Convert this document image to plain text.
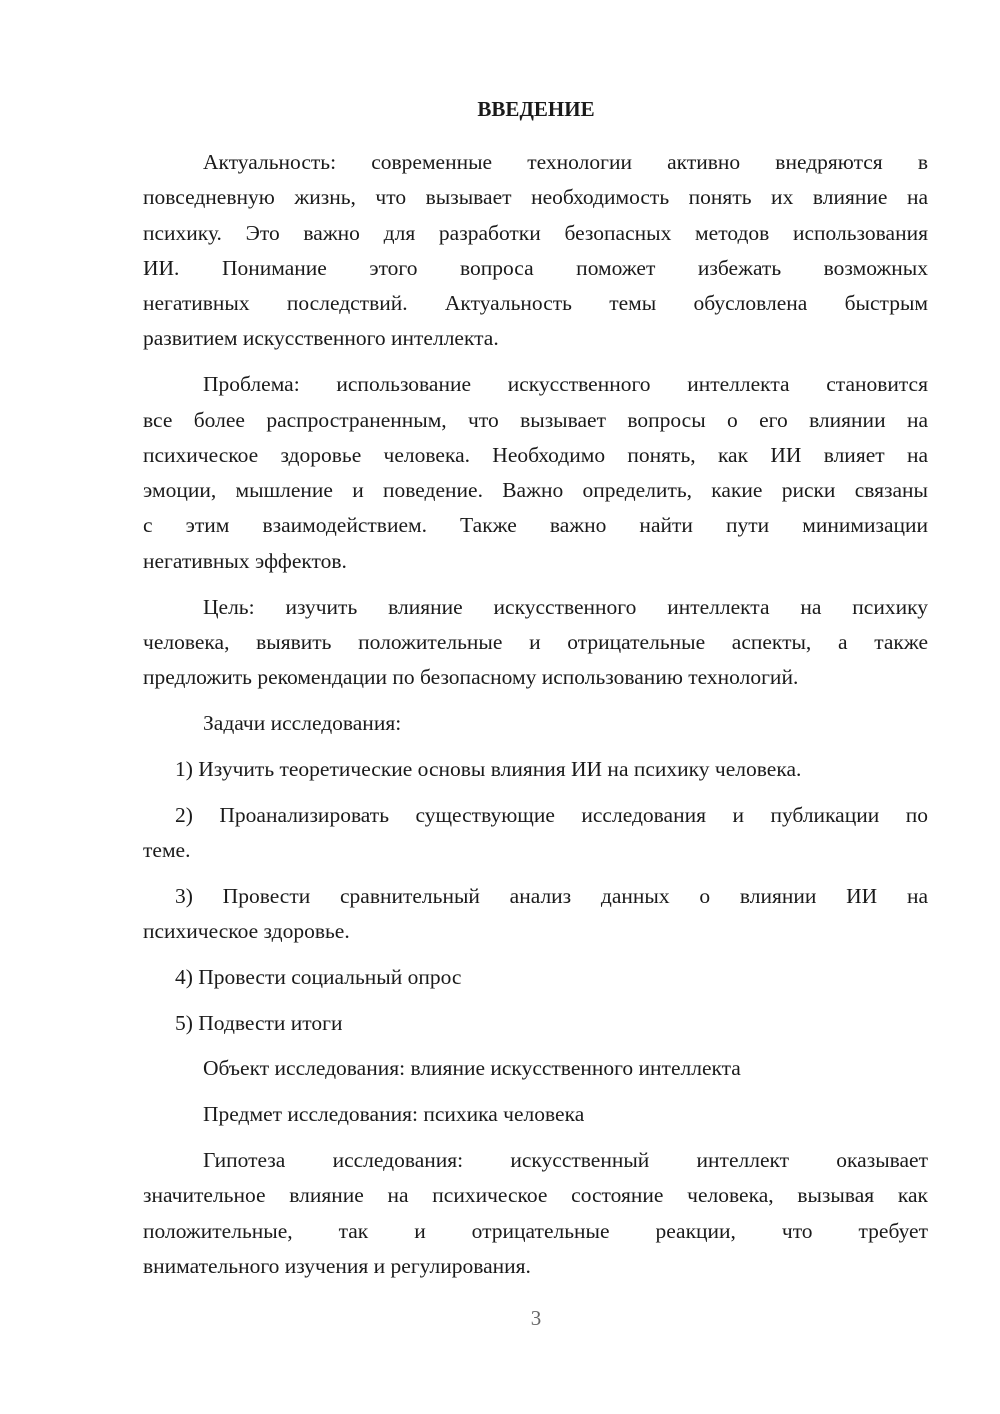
ВВЕДЕНИЕ
Актуальность: современные технологии активно внедряются в
повседневную жизнь, что вызывает необходимость понять их влияние на
психику. Это важно для разработки безопасных методов использования
ИИ. Понимание этого вопроса поможет избежать возможных
негативных последствий. Актуальность темы обусловлена быстрым
развитием искусственного интеллекта.
Проблема: использование искусственного интеллекта становится
все более распространенным, что вызывает вопросы о его влиянии на
психическое здоровье человека. Необходимо понять, как ИИ влияет на
эмоции, мышление и поведение. Важно определить, какие риски связаны
с этим взаимодействием. Также важно найти пути минимизации
негативных эффектов.
Цель: изучить влияние искусственного интеллекта на психику
человека, выявить положительные и отрицательные аспекты, а также
предложить рекомендации по безопасному использованию технологий.
Задачи исследования:
1) Изучить теоретические основы влияния ИИ на психику человека.
2) Проанализировать существующие исследования и публикации по
теме.
3) Провести сравнительный анализ данных о влиянии ИИ на
психическое здоровье.
4) Провести социальный опрос
5) Подвести итоги
Объект исследования: влияние искусственного интеллекта
Предмет исследования: психика человека
Гипотеза исследования: искусственный интеллект оказывает
значительное влияние на психическое состояние человека, вызывая как
положительные, так и отрицательные реакции, что требует
внимательного изучения и регулирования.
3
